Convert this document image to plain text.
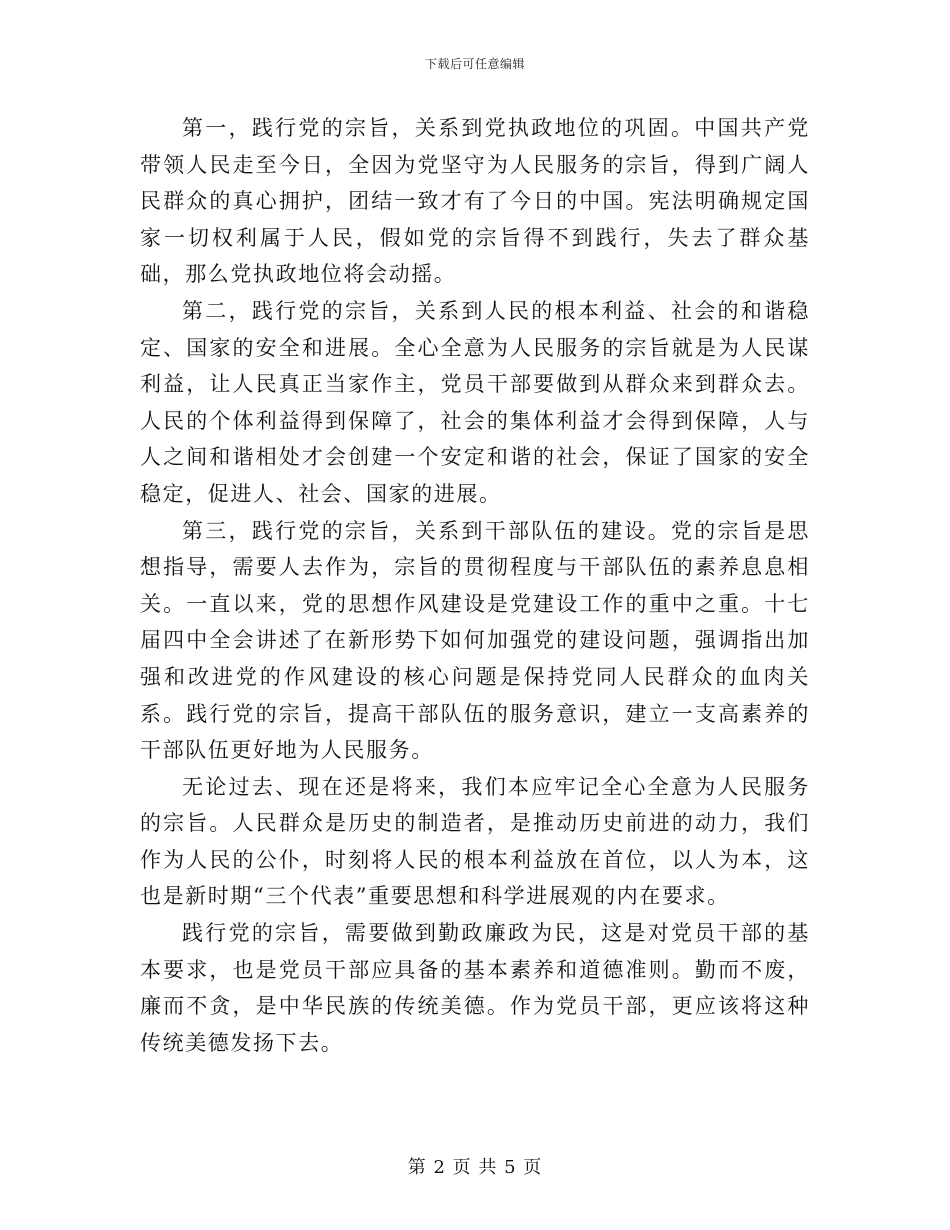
下载后可任意编辑

第一，践行党的宗旨，关系到党执政地位的巩固。中国共产党带领人民走至今日，全因为党坚守为人民服务的宗旨，得到广阔人民群众的真心拥护，团结一致才有了今日的中国。宪法明确规定国家一切权利属于人民，假如党的宗旨得不到践行，失去了群众基础，那么党执政地位将会动摇。

第二，践行党的宗旨，关系到人民的根本利益、社会的和谐稳定、国家的安全和进展。全心全意为人民服务的宗旨就是为人民谋利益，让人民真正当家作主，党员干部要做到从群众来到群众去。人民的个体利益得到保障了，社会的集体利益才会得到保障，人与人之间和谐相处才会创建一个安定和谐的社会，保证了国家的安全稳定，促进人、社会、国家的进展。

第三，践行党的宗旨，关系到干部队伍的建设。党的宗旨是思想指导，需要人去作为，宗旨的贯彻程度与干部队伍的素养息息相关。一直以来，党的思想作风建设是党建设工作的重中之重。十七届四中全会讲述了在新形势下如何加强党的建设问题，强调指出加强和改进党的作风建设的核心问题是保持党同人民群众的血肉关系。践行党的宗旨，提高干部队伍的服务意识，建立一支高素养的干部队伍更好地为人民服务。

无论过去、现在还是将来，我们本应牢记全心全意为人民服务的宗旨。人民群众是历史的制造者，是推动历史前进的动力，我们作为人民的公仆，时刻将人民的根本利益放在首位，以人为本，这也是新时期“三个代表”重要思想和科学进展观的内在要求。

践行党的宗旨，需要做到勤政廉政为民，这是对党员干部的基本要求，也是党员干部应具备的基本素养和道德准则。勤而不废，廉而不贪，是中华民族的传统美德。作为党员干部，更应该将这种传统美德发扬下去。

第 2 页 共 5 页
